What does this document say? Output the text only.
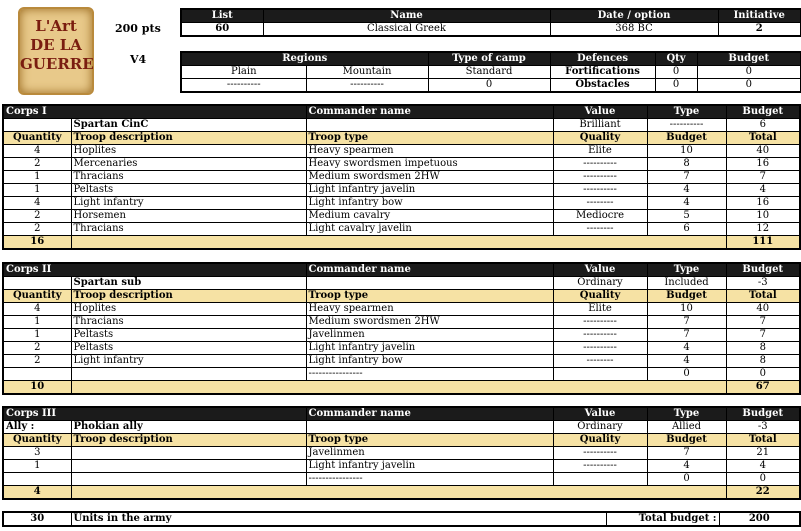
L'Art
DE LA
GUERRE
200 pts
V4
List	Name	Date / option	Initiative
60	Classical Greek	368 BC	2
Regions		Type of camp	Defences	Qty	Budget
Plain	Mountain	Standard	Fortifications	0	0
----------	----------	0	Obstacles	0	0
Corps I		Commander name	Value	Type	Budget
	Spartan CinC		Brilliant	----------	6
Quantity	Troop description	Troop type	Quality	Budget	Total
4	Hoplites	Heavy spearmen	Elite	10	40
2	Mercenaries	Heavy swordsmen impetuous	----------	8	16
1	Thracians	Medium swordsmen 2HW	----------	7	7
1	Peltasts	Light infantry javelin	----------	4	4
4	Light infantry	Light infantry bow	--------	4	16
2	Horsemen	Medium cavalry	Mediocre	5	10
2	Thracians	Light cavalry javelin	--------	6	12
16					111
Corps II		Commander name	Value	Type	Budget
	Spartan sub		Ordinary	Included	-3
Quantity	Troop description	Troop type	Quality	Budget	Total
4	Hoplites	Heavy spearmen	Elite	10	40
1	Thracians	Medium swordsmen 2HW	----------	7	7
1	Peltasts	Javelinmen	----------	7	7
2	Peltasts	Light infantry javelin	----------	4	8
2	Light infantry	Light infantry bow	--------	4	8
		----------------		0	0
10					67
Corps III		Commander name	Value	Type	Budget
Ally :	Phokian ally		Ordinary	Allied	-3
Quantity	Troop description	Troop type	Quality	Budget	Total
3		Javelinmen	----------	7	21
1		Light infantry javelin	----------	4	4
		----------------		0	0
4					22
30	Units in the army	Total budget :	200
